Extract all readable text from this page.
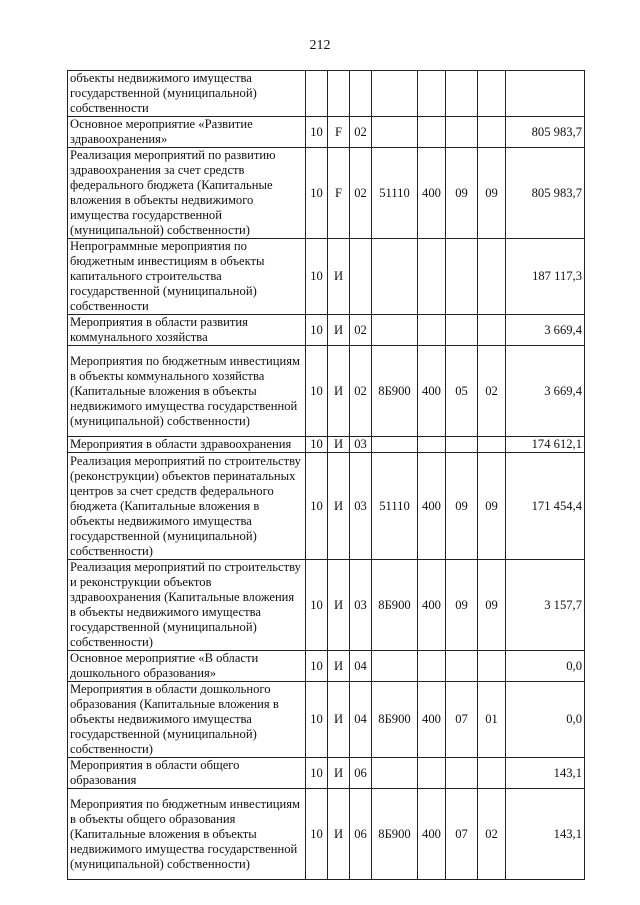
212
объекты недвижимого имущества государственной (муниципальной) собственности								
Основное мероприятие «Развитие здравоохранения»	10	F	02					805 983,7
Реализация мероприятий по развитию здравоохранения за счет средств федерального бюджета (Капитальные вложения в объекты недвижимого имущества государственной (муниципальной) собственности)	10	F	02	51110	400	09	09	805 983,7
Непрограммные мероприятия по бюджетным инвестициям в объекты капитального строительства государственной (муниципальной) собственности	10	И						187 117,3
Мероприятия в области развития коммунального хозяйства	10	И	02					3 669,4
Мероприятия по бюджетным инвестициям в объекты коммунального хозяйства (Капитальные вложения в объекты недвижимого имущества государственной (муниципальной) собственности)	10	И	02	8Б900	400	05	02	3 669,4
Мероприятия в области здравоохранения	10	И	03					174 612,1
Реализация мероприятий по строительству (реконструкции) объектов перинатальных центров за счет средств федерального бюджета (Капитальные вложения в объекты недвижимого имущества государственной (муниципальной) собственности)	10	И	03	51110	400	09	09	171 454,4
Реализация мероприятий по строительству и реконструкции объектов здравоохранения (Капитальные вложения в объекты недвижимого имущества государственной (муниципальной) собственности)	10	И	03	8Б900	400	09	09	3 157,7
Основное мероприятие «В области дошкольного образования»	10	И	04					0,0
Мероприятия в области дошкольного образования (Капитальные вложения в объекты недвижимого имущества государственной (муниципальной) собственности)	10	И	04	8Б900	400	07	01	0,0
Мероприятия в области общего образования	10	И	06					143,1
Мероприятия по бюджетным инвестициям в объекты общего образования (Капитальные вложения в объекты недвижимого имущества государственной (муниципальной) собственности)	10	И	06	8Б900	400	07	02	143,1
